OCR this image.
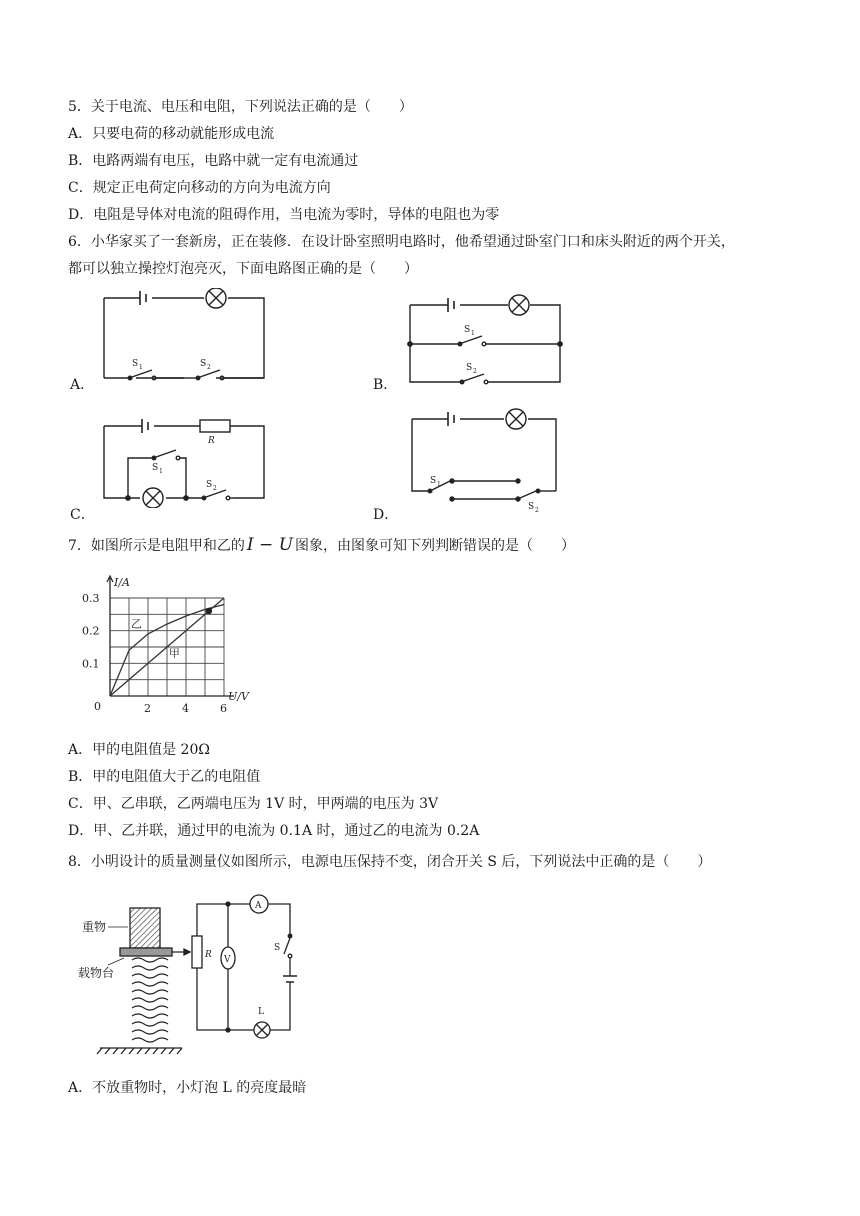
5．关于电流、电压和电阻，下列说法正确的是（　　）
A．只要电荷的移动就能形成电流
B．电路两端有电压，电路中就一定有电流通过
C．规定正电荷定向移动的方向为电流方向
D．电阻是导体对电流的阻碍作用，当电流为零时，导体的电阻也为零
6．小华家买了一套新房，正在装修．在设计卧室照明电路时，他希望通过卧室门口和床头附近的两个开关，
都可以独立操控灯泡亮灭，下面电路图正确的是（　　）
A．	B．
C．	D．
S 1	S 2
S 1
S 2
R
S 1
S 2
S 1
S 2
7．如图所示是电阻甲和乙的 I − U 图象，由图象可知下列判断错误的是（　　）
0.1
0.2
0.3
2	4	6
I/A
U/V
0
乙
甲
A．甲的电阻值是 20Ω
B．甲的电阻值大于乙的电阻值
C．甲、乙串联，乙两端电压为 1V 时，甲两端的电压为 3V
D．甲、乙并联，通过甲的电流为 0.1A 时，通过乙的电流为 0.2A
8．小明设计的质量测量仪如图所示，电源电压保持不变，闭合开关 S 后，下列说法中正确的是（　　）
R
A
V
S
L
重物
载物台
A．不放重物时，小灯泡 L 的亮度最暗
